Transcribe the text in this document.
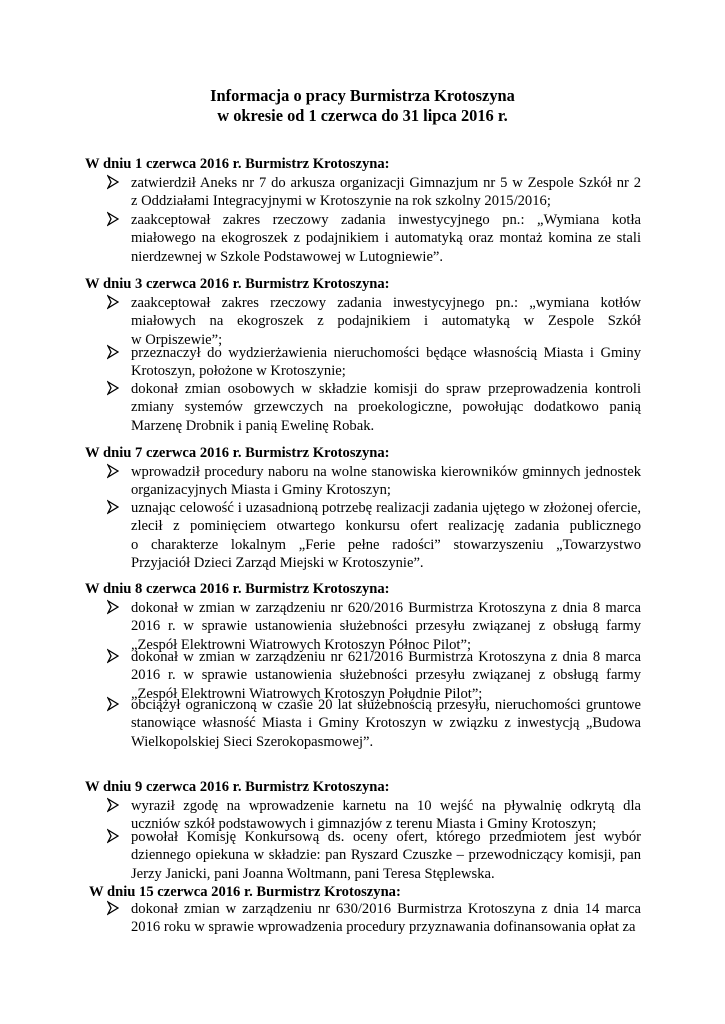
Informacja o pracy Burmistrza Krotoszyna
w okresie od 1 czerwca do 31 lipca 2016 r.
W dniu 1 czerwca 2016 r. Burmistrz Krotoszyna:
zatwierdził Aneks nr 7 do arkusza organizacji Gimnazjum nr 5 w Zespole Szkół nr 2
z Oddziałami Integracyjnymi w Krotoszynie na rok szkolny 2015/2016;
zaakceptował zakres rzeczowy zadania inwestycyjnego pn.: „Wymiana kotła
miałowego na ekogroszek z podajnikiem i automatyką oraz montaż komina ze stali
nierdzewnej w Szkole Podstawowej w Lutogniewie”.
W dniu 3 czerwca 2016 r. Burmistrz Krotoszyna:
zaakceptował zakres rzeczowy zadania inwestycyjnego pn.: „wymiana kotłów
miałowych na ekogroszek z podajnikiem i automatyką w Zespole Szkół
w Orpiszewie”;
przeznaczył do wydzierżawienia nieruchomości będące własnością Miasta i Gminy
Krotoszyn, położone w Krotoszynie;
dokonał zmian osobowych w składzie komisji do spraw przeprowadzenia kontroli
zmiany systemów grzewczych na proekologiczne, powołując dodatkowo panią
Marzenę Drobnik i panią Ewelinę Robak.
W dniu 7 czerwca 2016 r. Burmistrz Krotoszyna:
wprowadził procedury naboru na wolne stanowiska kierowników gminnych jednostek
organizacyjnych Miasta i Gminy Krotoszyn;
uznając celowość i uzasadnioną potrzebę realizacji zadania ujętego w złożonej ofercie,
zlecił z pominięciem otwartego konkursu ofert realizację zadania publicznego
o charakterze lokalnym „Ferie pełne radości” stowarzyszeniu „Towarzystwo
Przyjaciół Dzieci Zarząd Miejski w Krotoszynie”.
W dniu 8 czerwca 2016 r. Burmistrz Krotoszyna:
dokonał w zmian w zarządzeniu nr 620/2016 Burmistrza Krotoszyna z dnia 8 marca
2016 r. w sprawie ustanowienia służebności przesyłu związanej z obsługą farmy
„Zespół Elektrowni Wiatrowych Krotoszyn Północ Pilot”;
dokonał w zmian w zarządzeniu nr 621/2016 Burmistrza Krotoszyna z dnia 8 marca
2016 r. w sprawie ustanowienia służebności przesyłu związanej z obsługą farmy
„Zespół Elektrowni Wiatrowych Krotoszyn Południe Pilot”;
obciążył ograniczoną w czasie 20 lat służebnością przesyłu, nieruchomości gruntowe
stanowiące własność Miasta i Gminy Krotoszyn w związku z inwestycją „Budowa
Wielkopolskiej Sieci Szerokopasmowej”.
W dniu 9 czerwca 2016 r. Burmistrz Krotoszyna:
wyraził zgodę na wprowadzenie karnetu na 10 wejść na pływalnię odkrytą dla
uczniów szkół podstawowych i gimnazjów z terenu Miasta i Gminy Krotoszyn;
powołał Komisję Konkursową ds. oceny ofert, którego przedmiotem jest wybór
dziennego opiekuna w składzie: pan Ryszard Czuszke – przewodniczący komisji, pan
Jerzy Janicki, pani Joanna Woltmann, pani Teresa Stęplewska.
W dniu 15 czerwca 2016 r. Burmistrz Krotoszyna:
dokonał zmian w zarządzeniu nr 630/2016 Burmistrza Krotoszyna z dnia 14 marca
2016 roku w sprawie wprowadzenia procedury przyznawania dofinansowania opłat za
